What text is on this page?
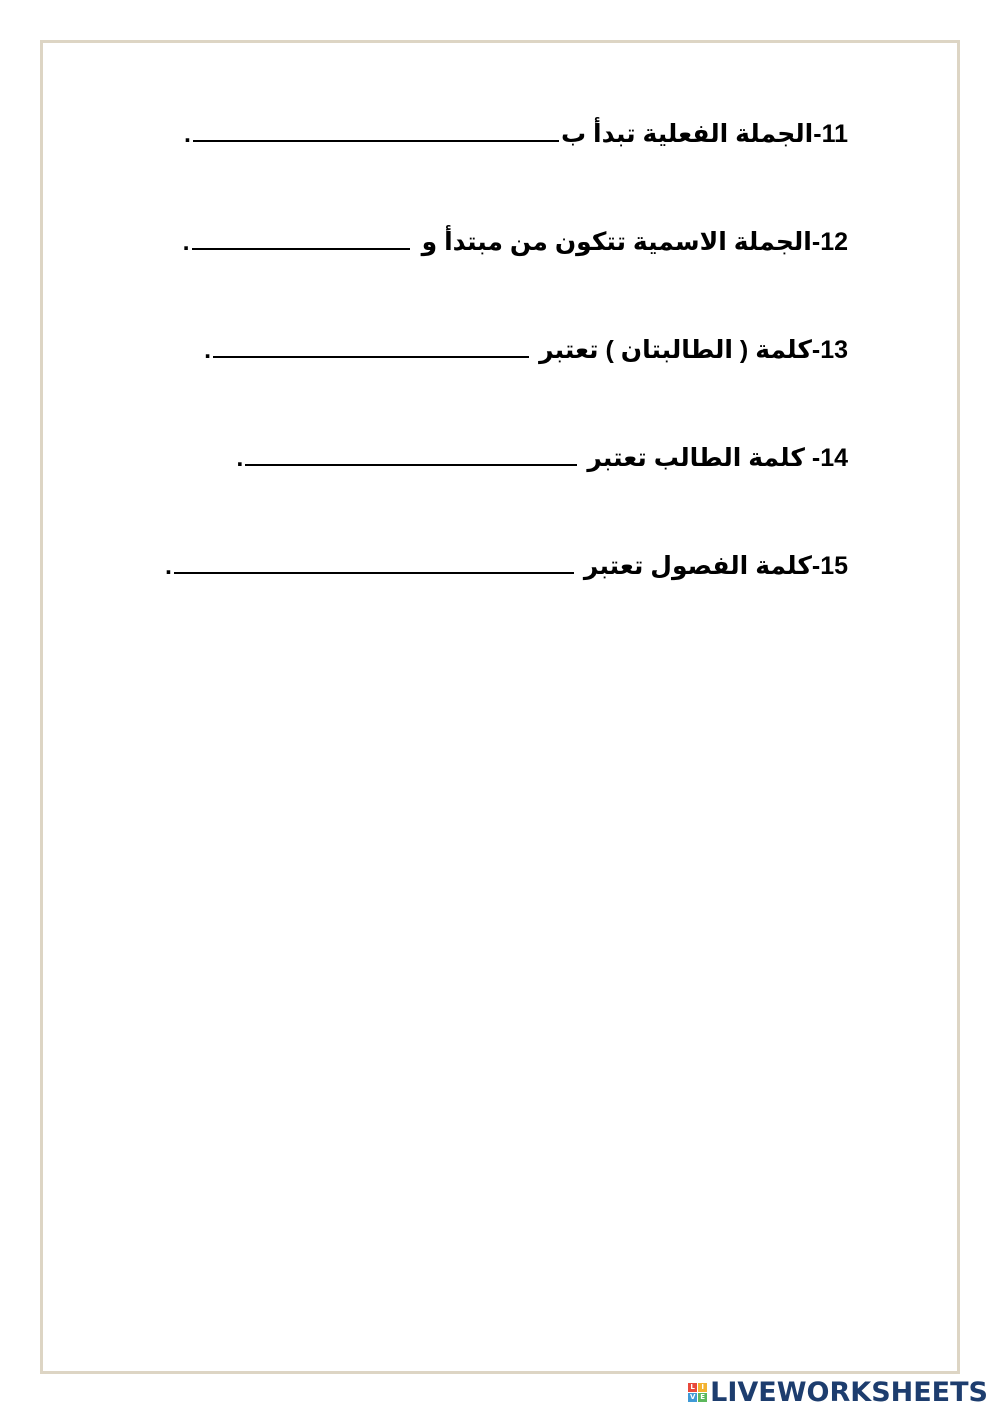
11-الجملة الفعلية تبدأ ب
.
12-الجملة الاسمية تتكون من مبتدأ و
.
13-كلمة ( الطالبتان ) تعتبر
.
14- كلمة الطالب تعتبر
.
15-كلمة الفصول تعتبر
.
L I
V E LIVEWORKSHEETS
